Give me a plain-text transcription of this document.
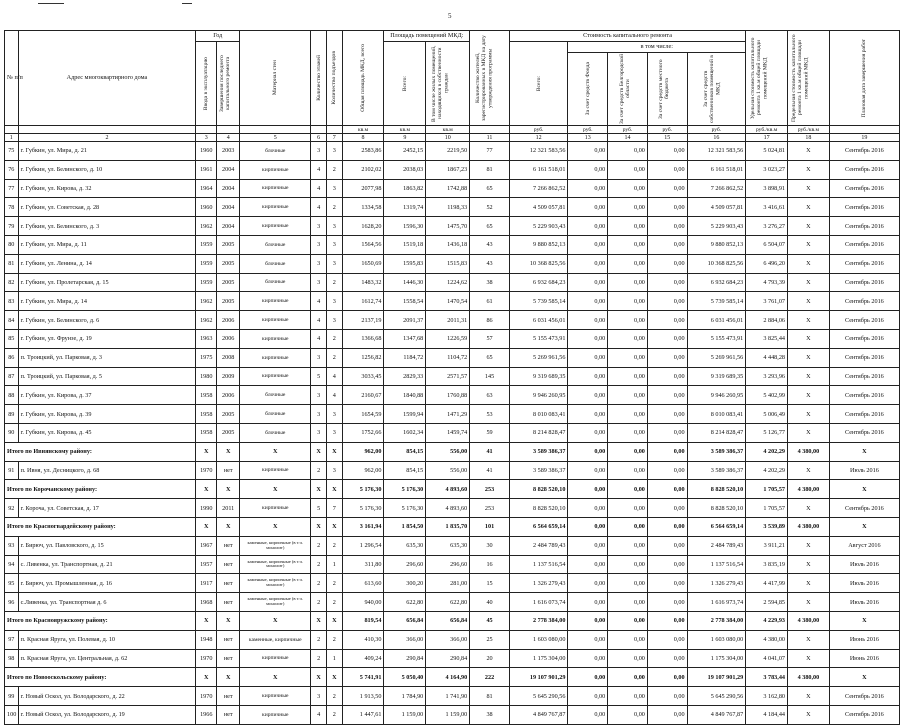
5
№ п/п	Адрес многоквартирного дома	Год		Материал стен	Количество этажей	Количество подъездов	Общая площадь МКД, всего	Площадь помещений МКД:		Количество жителей, зарегистрированных в МКД на дату утверждения программы	Стоимость капитального ремонта					Удельная стоимость капитального ремонта 1 кв.м общей площади помещений МКД	Предельная стоимость капитального ремонта 1 кв.м общей площади помещений МКД	Плановая дата завершения работ

		Ввода в эксплуатацию	Завершения последнего капитального ремонта					Всего:	В том числе жилых помещений, находящихся в собственности граждан		Всего:	в том числе:						

												За счет средств Фонда	За счет средств Белгородской области	За счет средств местного бюджета	За счет средств собственников помещений в МКД			

							кв.м	кв.м	кв.м		руб.	руб.	руб.	руб.	руб.	руб./кв.м	руб./кв.м	
1	2	3	4	5	6	7	8	9	10	11	12	13	14	15	16	17	18	19
75	г. Губкин, ул. Мира, д. 21	1960	2003	блочные	3	3	2583,86	2452,15	2219,50	77	12 321 583,56	0,00	0,00	0,00	12 321 583,56	5 024,81	X	Сентябрь 2016
76	г. Губкин, ул. Белинского, д. 10	1961	2004	кирпичные	4	2	2102,02	2038,03	1867,23	81	6 161 518,01	0,00	0,00	0,00	6 161 518,01	3 023,27	X	Сентябрь 2016
77	г. Губкин, ул. Кирова, д. 32	1964	2004	кирпичные	4	3	2077,98	1863,82	1742,88	65	7 266 862,52	0,00	0,00	0,00	7 266 862,52	3 898,91	X	Сентябрь 2016
78	г. Губкин, ул. Советская, д. 28	1960	2004	кирпичные	4	2	1334,58	1319,74	1198,33	52	4 509 057,81	0,00	0,00	0,00	4 509 057,81	3 416,61	X	Сентябрь 2016
79	г. Губкин, ул. Белинского, д. 3	1962	2004	кирпичные	3	3	1628,20	1596,30	1475,70	65	5 229 903,43	0,00	0,00	0,00	5 229 903,43	3 276,27	X	Сентябрь 2016
80	г. Губкин, ул. Мира, д. 11	1959	2005	блочные	3	3	1564,56	1519,18	1436,18	43	9 880 852,13	0,00	0,00	0,00	9 880 852,13	6 504,07	X	Сентябрь 2016
81	г. Губкин, ул. Ленина, д. 14	1959	2005	блочные	3	3	1650,69	1595,83	1515,83	43	10 368 825,56	0,00	0,00	0,00	10 368 825,56	6 496,20	X	Сентябрь 2016
82	г. Губкин, ул. Пролетарская, д. 15	1959	2005	блочные	3	2	1483,32	1446,30	1224,62	38	6 932 684,23	0,00	0,00	0,00	6 932 684,23	4 793,39	X	Сентябрь 2016
83	г. Губкин, ул. Мира, д. 14	1962	2005	кирпичные	4	3	1612,74	1558,54	1470,54	61	5 739 585,14	0,00	0,00	0,00	5 739 585,14	3 761,07	X	Сентябрь 2016
84	г. Губкин, ул. Белинского, д. 6	1962	2006	кирпичные	4	3	2137,19	2091,37	2011,31	86	6 031 456,01	0,00	0,00	0,00	6 031 456,01	2 884,06	X	Сентябрь 2016
85	г. Губкин, ул. Фрунзе, д. 19	1963	2006	кирпичные	4	2	1366,68	1347,68	1226,59	57	5 155 473,91	0,00	0,00	0,00	5 155 473,91	3 825,44	X	Сентябрь 2016
86	п. Троицкий, ул. Парковая, д. 3	1975	2008	кирпичные	3	2	1256,82	1184,72	1104,72	65	5 269 961,56	0,00	0,00	0,00	5 269 961,56	4 448,28	X	Сентябрь 2016
87	п. Троицкий, ул. Парковая, д. 5	1980	2009	кирпичные	5	4	3033,45	2829,33	2571,57	145	9 319 689,35	0,00	0,00	0,00	9 319 689,35	3 293,96	X	Сентябрь 2016
88	г. Губкин, ул. Кирова, д. 37	1958	2006	блочные	3	4	2160,67	1840,88	1760,88	63	9 946 260,95	0,00	0,00	0,00	9 946 260,95	5 402,99	X	Сентябрь 2016
89	г. Губкин, ул. Кирова, д. 39	1958	2005	блочные	3	3	1654,59	1599,94	1471,29	53	8 010 083,41	0,00	0,00	0,00	8 010 083,41	5 006,49	X	Сентябрь 2016
90	г. Губкин, ул. Кирова, д. 45	1958	2005	блочные	3	3	1752,66	1602,34	1459,74	59	8 214 828,47	0,00	0,00	0,00	8 214 828,47	5 126,77	X	Сентябрь 2016
Итого по Ивнянскому району:		X	X	X	X	X	962,00	854,15	556,00	41	3 589 386,37	0,00	0,00	0,00	3 589 386,37	4 202,29	4 380,00	X
91	п. Ивня, ул. Десницкого, д. 68	1970	нет	кирпичные	2	3	962,00	854,15	556,00	41	3 589 386,37	0,00	0,00	0,00	3 589 386,37	4 202,29	X	Июль 2016
Итого по Корочанскому району:		X	X	X	X	X	5 176,30	5 176,30	4 893,60	253	8 828 520,10	0,00	0,00	0,00	8 828 520,10	1 705,57	4 380,00	X
92	г. Короча, ул. Советская, д. 17	1990	2011	кирпичные	5	7	5 176,30	5 176,30	4 893,60	253	8 828 520,10	0,00	0,00	0,00	8 828 520,10	1 705,57	X	Сентябрь 2016
Итого по Красногвардейскому району:		X	X	X	X	X	3 161,94	1 854,50	1 835,70	101	6 564 659,14	0,00	0,00	0,00	6 564 659,14	3 539,89	4 380,00	X
93	г. Бирюч, ул. Павловского, д. 15	1967	нет	каменные, кирпичные (в т.ч. монолит)	2	2	1 296,54	635,30	635,30	30	2 484 789,43	0,00	0,00	0,00	2 484 789,43	3 911,21	X	Август 2016
94	с. Ливенка, ул. Транспортная, д. 21	1957	нет	каменные, кирпичные (в т.ч. монолит)	2	1	311,80	296,60	296,60	16	1 137 516,54	0,00	0,00	0,00	1 137 516,54	3 835,19	X	Июль 2016
95	г. Бирюч, ул. Промышленная, д. 16	1917	нет	каменные, кирпичные (в т.ч. монолит)	2	2	613,60	300,20	281,00	15	1 326 279,43	0,00	0,00	0,00	1 326 279,43	4 417,99	X	Июль 2016
96	с.Ливенка, ул. Транспортная д. 6	1968	нет	каменные, кирпичные (в т.ч. монолит)	2	2	940,00	622,80	622,80	40	1 616 073,74	0,00	0,00	0,00	1 616 973,74	2 594,85	X	Июль 2016
Итого по Краснояружскому району:		X	X	X	X	X	819,54	656,84	656,84	45	2 778 384,00	0,00	0,00	0,00	2 778 384,00	4 229,93	4 380,00	X
97	п. Красная Яруга, ул. Полевая, д. 10	1948	нет	каменные, кирпичные	2	2	410,30	366,00	366,00	25	1 603 080,00	0,00	0,00	0,00	1 603 080,00	4 380,00	X	Июнь 2016
98	п. Красная Яруга, ул. Центральная, д. 62	1970	нет	кирпичные	2	1	409,24	290,84	290,84	20	1 175 304,00	0,00	0,00	0,00	1 175 304,00	4 041,07	X	Июнь 2016
Итого по Новооскольскому району:		X	X	X	X	X	5 741,91	5 050,40	4 164,90	222	19 107 901,29	0,00	0,00	0,00	19 107 901,29	3 783,44	4 380,00	X
99	г. Новый Оскол, ул. Володарского, д. 22	1970	нет	кирпичные	3	2	1 913,50	1 784,90	1 741,90	81	5 645 290,56	0,00	0,00	0,00	5 645 290,56	3 162,80	X	Сентябрь 2016
100	г. Новый Оскол, ул. Володарского, д. 19	1966	нет	кирпичные	4	2	1 447,61	1 159,00	1 159,00	38	4 849 767,87	0,00	0,00	0,00	4 849 767,87	4 184,44	X	Сентябрь 2016
